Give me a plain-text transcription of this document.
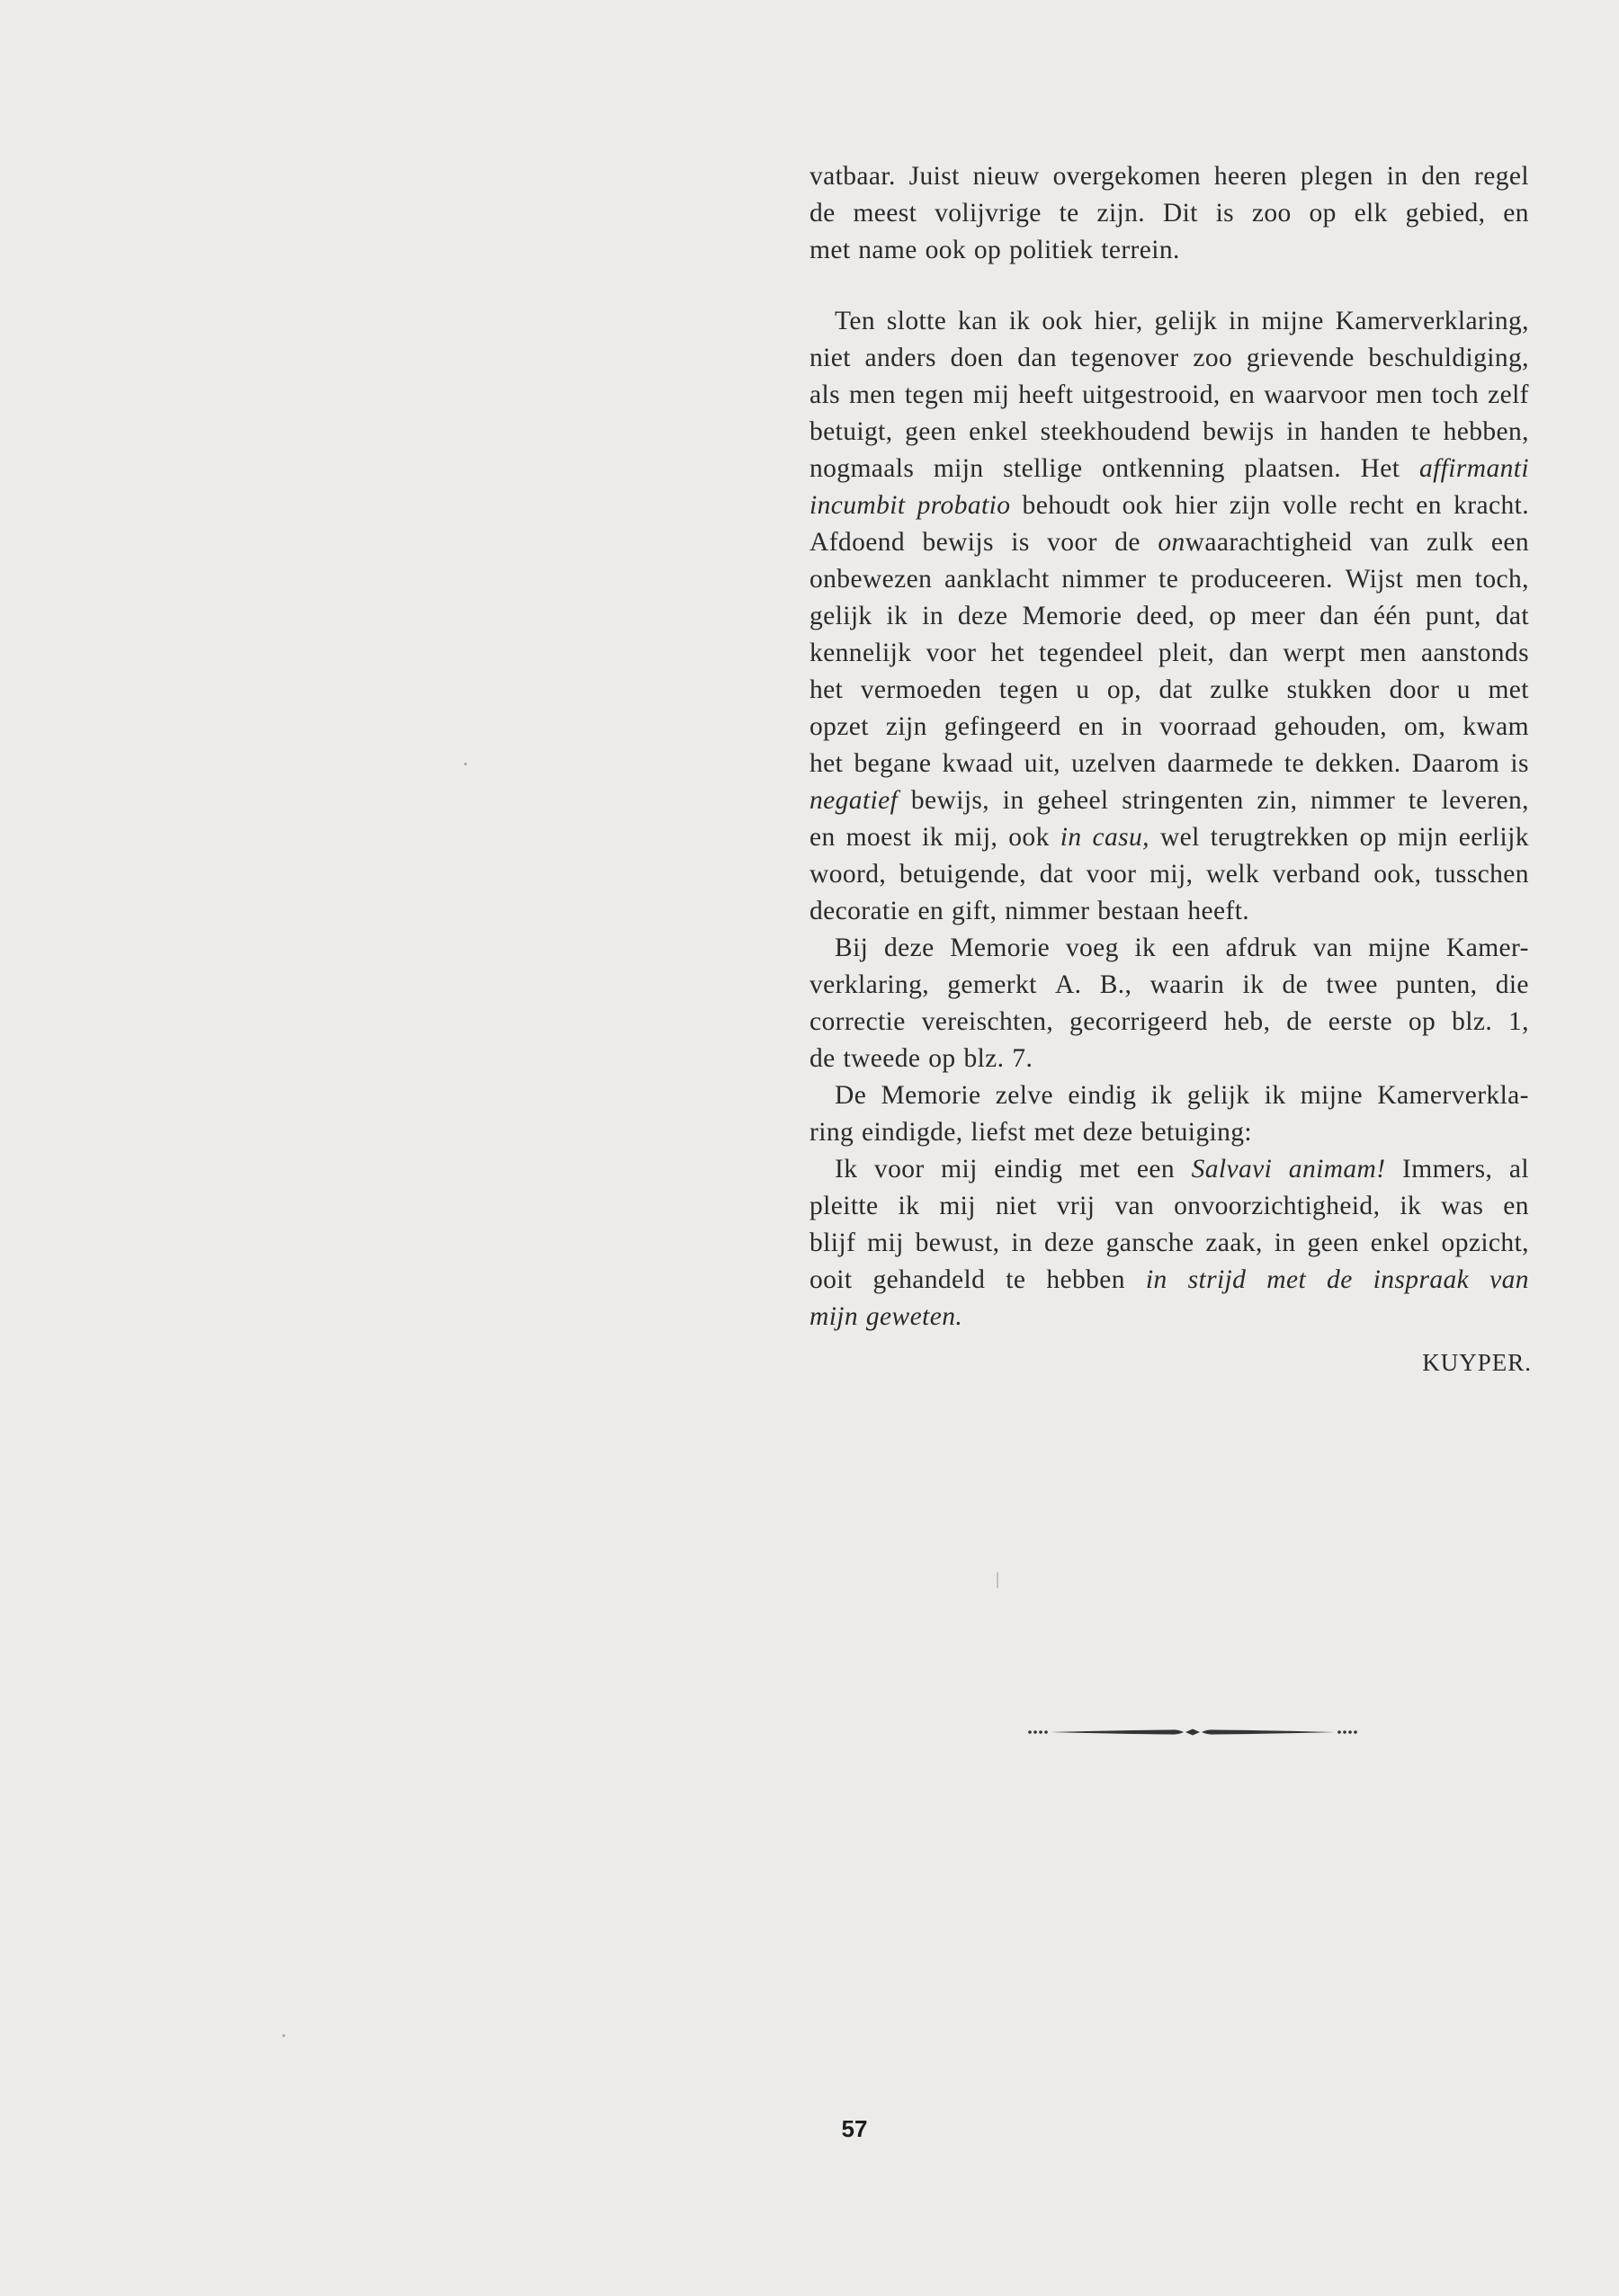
vatbaar. Juist nieuw overgekomen heeren plegen in den regel
de meest volijvrige te zijn. Dit is zoo op elk gebied, en
met name ook op politiek terrein.
Ten slotte kan ik ook hier, gelijk in mijne Kamerverklaring,
niet anders doen dan tegenover zoo grievende beschuldiging,
als men tegen mij heeft uitgestrooid, en waarvoor men toch zelf
betuigt, geen enkel steekhoudend bewijs in handen te hebben,
nogmaals mijn stellige ontkenning plaatsen. Het affirmanti
incumbit probatio behoudt ook hier zijn volle recht en kracht.
Afdoend bewijs is voor de onwaarachtigheid van zulk een
onbewezen aanklacht nimmer te produceeren. Wijst men toch,
gelijk ik in deze Memorie deed, op meer dan één punt, dat
kennelijk voor het tegendeel pleit, dan werpt men aanstonds
het vermoeden tegen u op, dat zulke stukken door u met
opzet zijn gefingeerd en in voorraad gehouden, om, kwam
het begane kwaad uit, uzelven daarmede te dekken. Daarom is
negatief bewijs, in geheel stringenten zin, nimmer te leveren,
en moest ik mij, ook in casu, wel terugtrekken op mijn eerlijk
woord, betuigende, dat voor mij, welk verband ook, tusschen
decoratie en gift, nimmer bestaan heeft.
Bij deze Memorie voeg ik een afdruk van mijne Kamer-
verklaring, gemerkt A. B., waarin ik de twee punten, die
correctie vereischten, gecorrigeerd heb, de eerste op blz. 1,
de tweede op blz. 7.
De Memorie zelve eindig ik gelijk ik mijne Kamerverkla-
ring eindigde, liefst met deze betuiging:
Ik voor mij eindig met een Salvavi animam! Immers, al
pleitte ik mij niet vrij van onvoorzichtigheid, ik was en
blijf mij bewust, in deze gansche zaak, in geen enkel opzicht,
ooit gehandeld te hebben in strijd met de inspraak van
mijn geweten.
KUYPER.
57
